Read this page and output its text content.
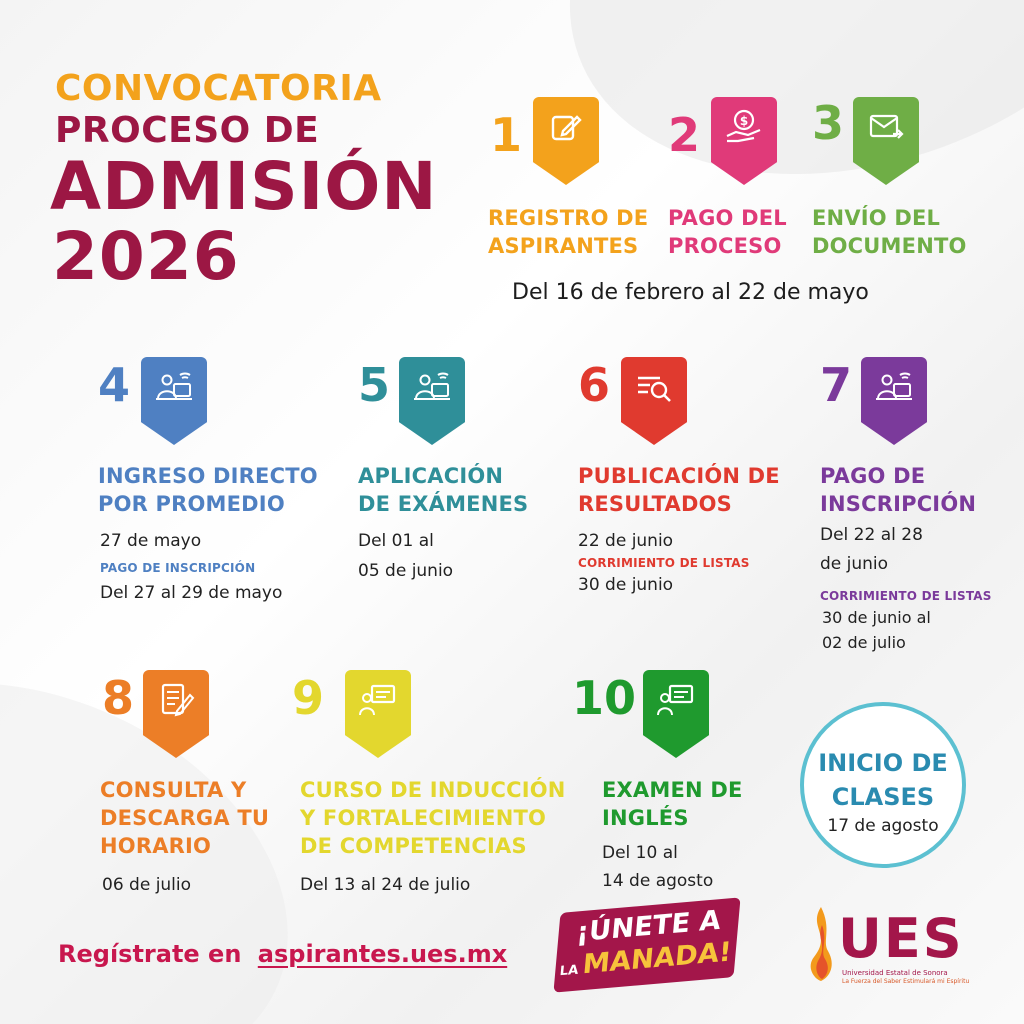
CONVOCATORIA
PROCESO DE
ADMISIÓN
2026
1
REGISTRO DE
ASPIRANTES
2	$
PAGO DEL
PROCESO
3
ENVÍO DEL
DOCUMENTO
Del 16 de febrero al 22 de mayo
4
INGRESO DIRECTO
POR PROMEDIO
27 de mayo
PAGO DE INSCRIPCIÓN
Del 27 al 29 de mayo
5
APLICACIÓN
DE EXÁMENES
Del 01 al
05 de junio
6
PUBLICACIÓN DE
RESULTADOS
22 de junio
CORRIMIENTO DE LISTAS
30 de junio
7
PAGO DE
INSCRIPCIÓN
Del 22 al 28
de junio
CORRIMIENTO DE LISTAS
30 de junio al
02 de julio
8
CONSULTA Y
DESCARGA TU
HORARIO
06 de julio
9
CURSO DE INDUCCIÓN
Y FORTALECIMIENTO
DE COMPETENCIAS
Del 13 al 24 de julio
10
EXAMEN DE
INGLÉS
Del 10 al
14 de agosto
INICIO DE
CLASES
17 de agosto
Regístrate en aspirantes.ues.mx
¡ÚNETE A
LAMANADA! UES
Universidad Estatal de Sonora
La Fuerza del Saber Estimulará mi Espíritu
